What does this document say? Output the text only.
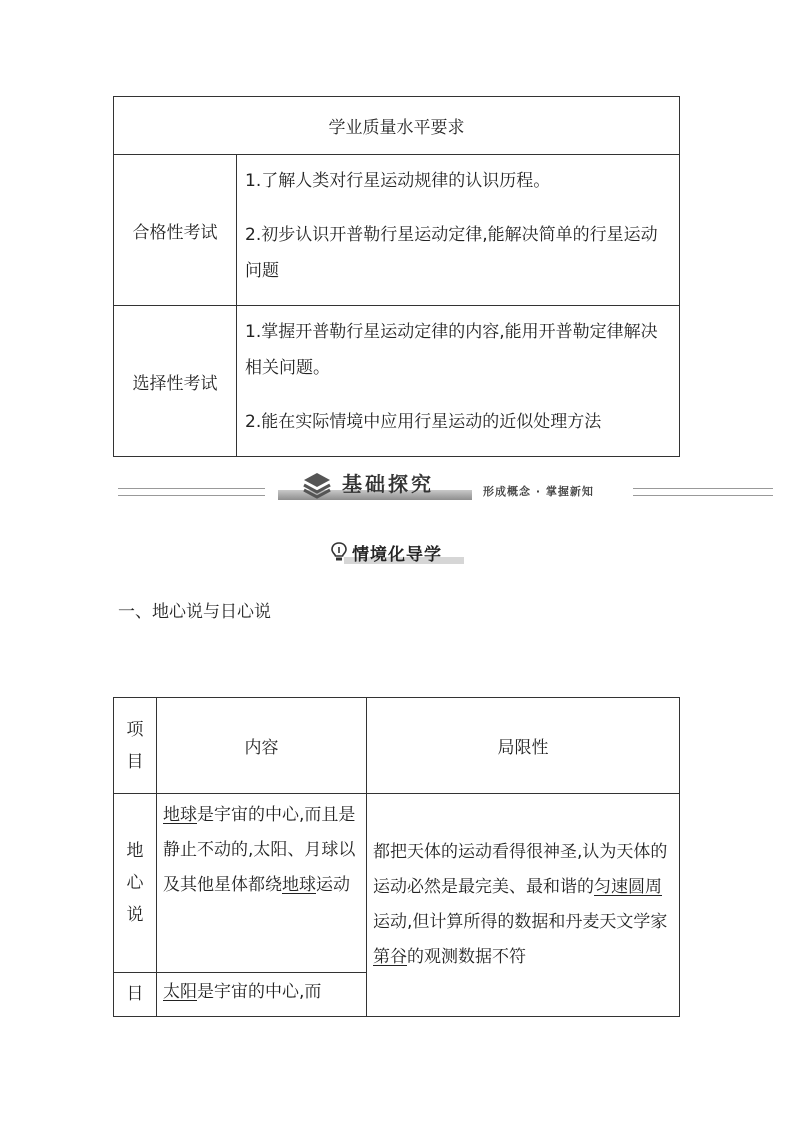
学业质量水平要求	
合格性考试	1.了解人类对行星运动规律的认识历程。

2.初步认识开普勒行星运动定律,能解决简单的行星运动问题

选择性考试	1.掌握开普勒行星运动定律的内容,能用开普勒定律解决相关问题。

2.能在实际情境中应用行星运动的近似处理方法

基础探究	形成概念 · 掌握新知
情境化导学
一、地心说与日心说
项目	内容	局限性
地心说	地球是宇宙的中心,而且是静止不动的,太阳、月球以及其他星体都绕地球运动	都把天体的运动看得很神圣,认为天体的运动必然是最完美、最和谐的匀速圆周运动,但计算所得的数据和丹麦天文学家第谷的观测数据不符
日	太阳是宇宙的中心,而	
